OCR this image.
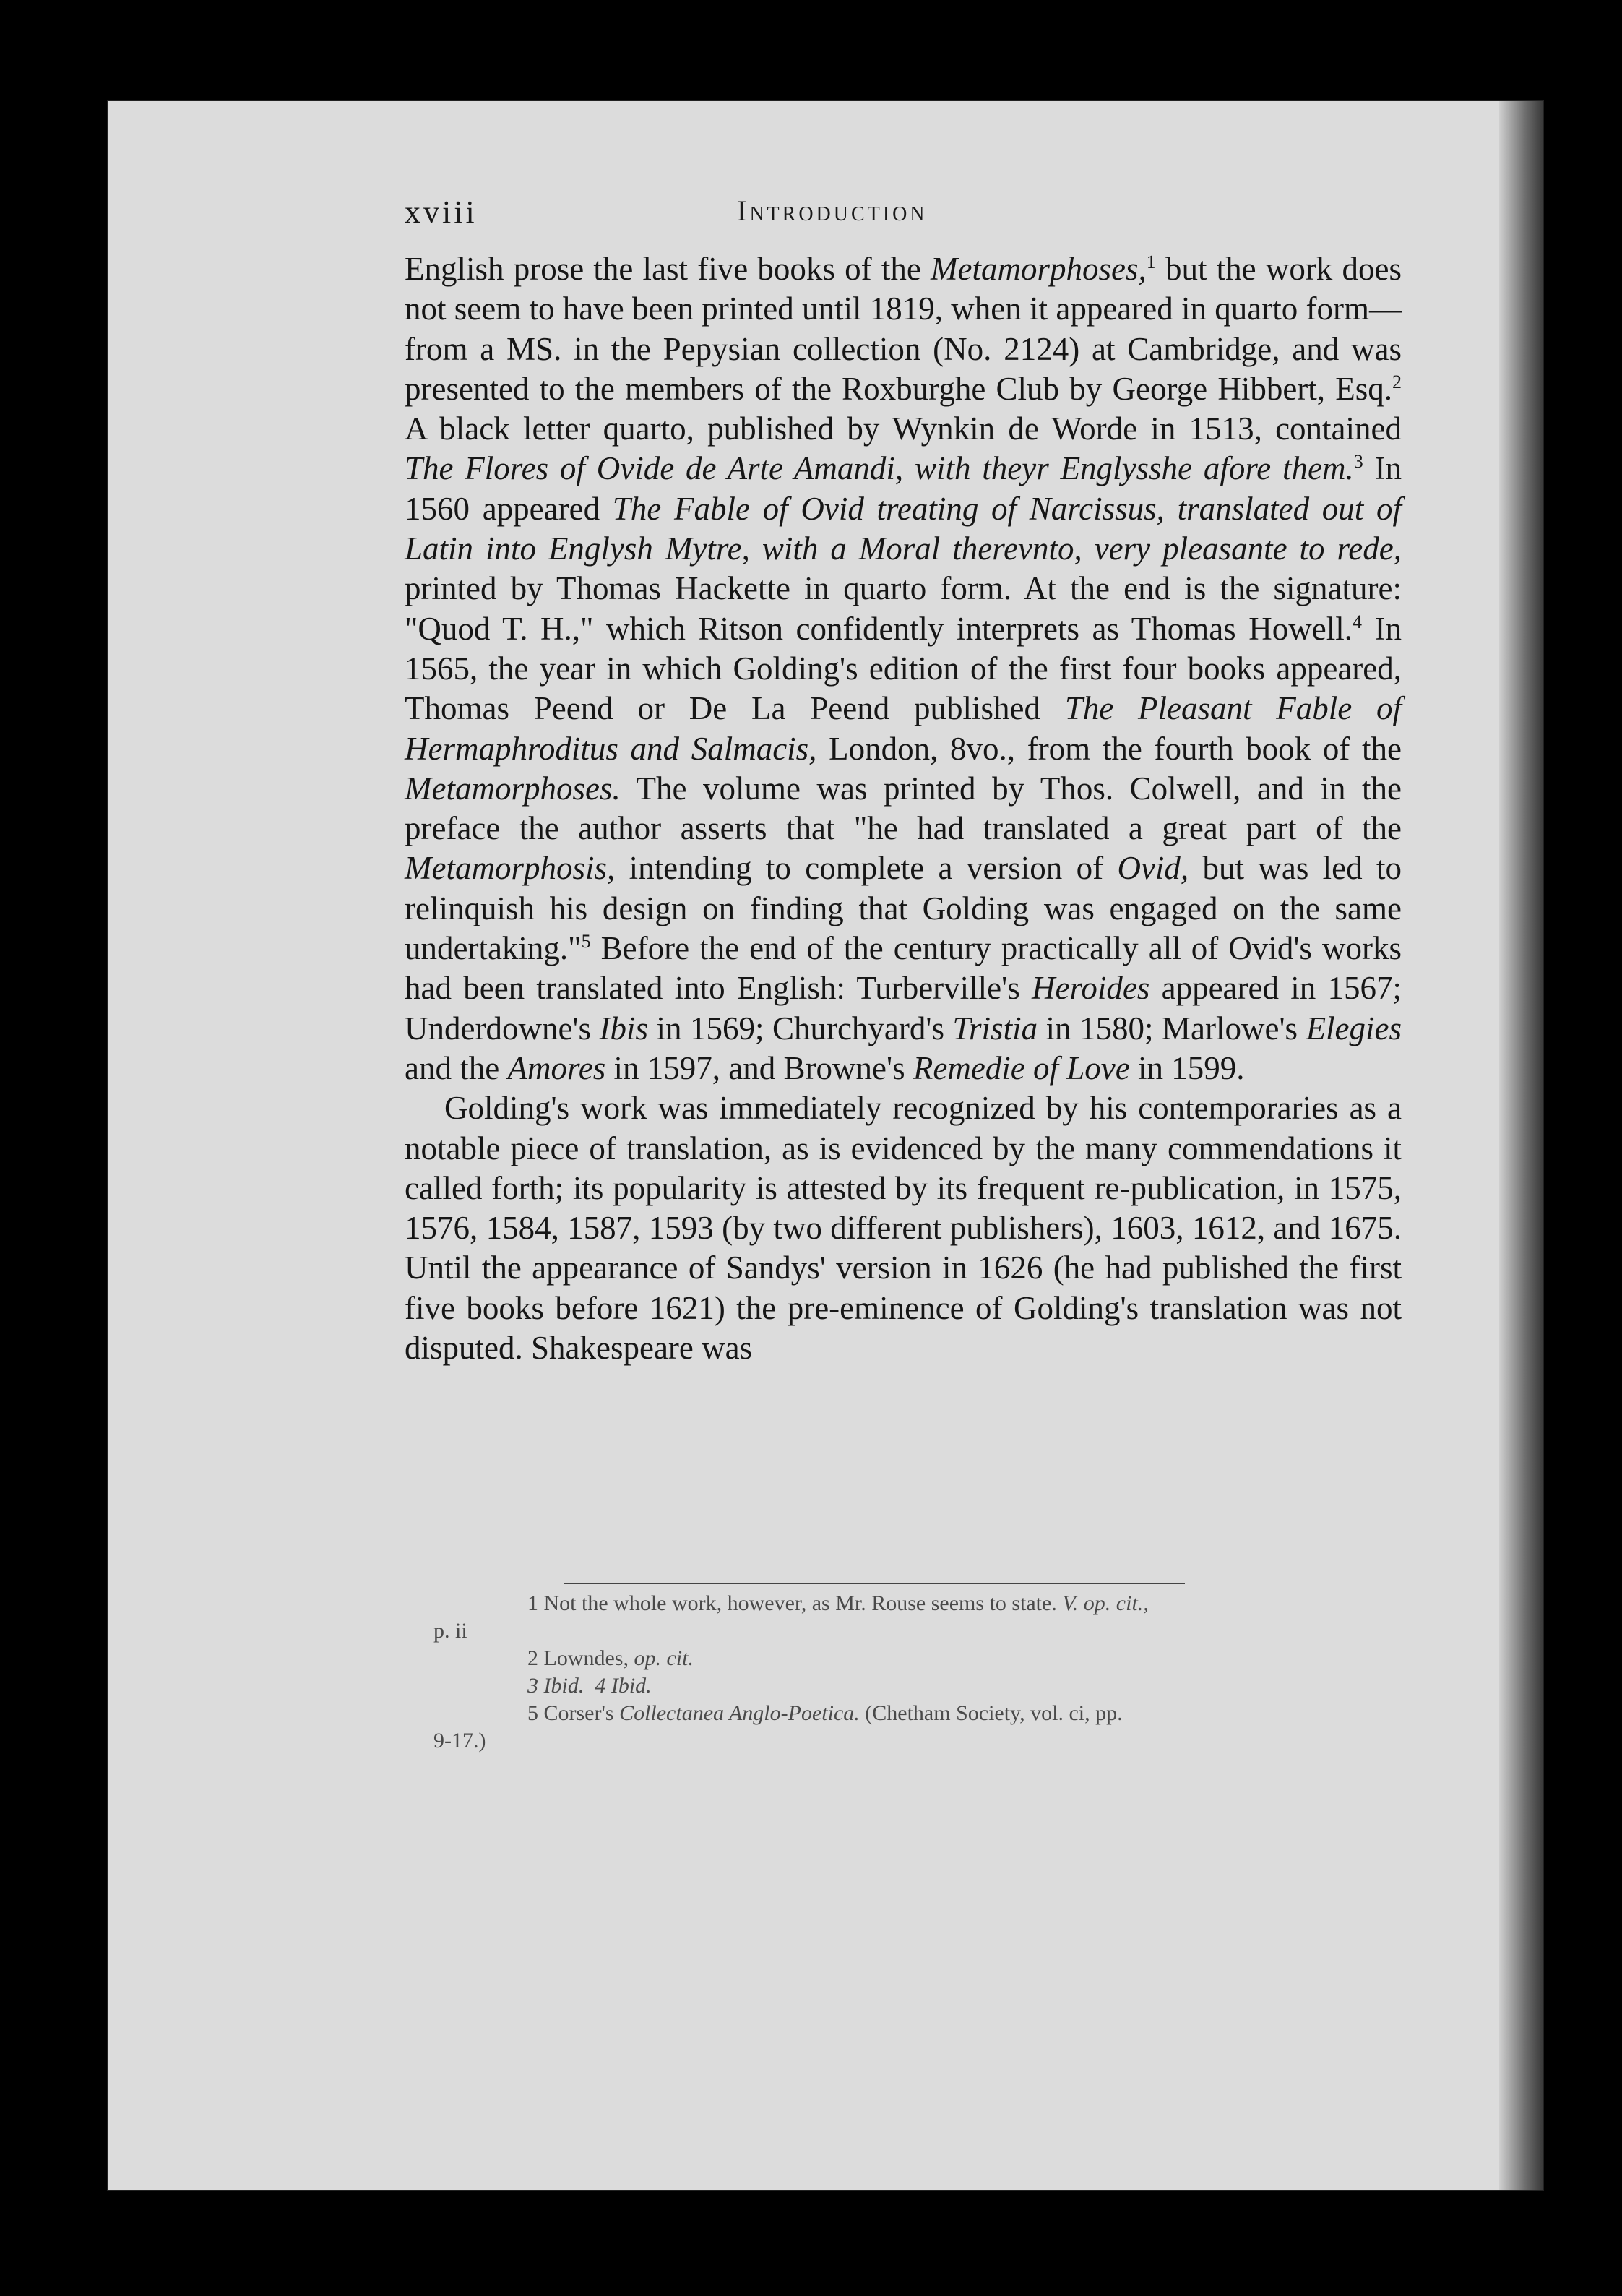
xviii	Introduction

English prose the last five books of the Metamorphoses,$^1$ but the work does not seem to have been printed until 1819, when it appeared in quarto form—from a MS. in the Pepysian collection (No. 2124) at Cambridge, and was presented to the members of the Roxburghe Club by George Hibbert, Esq.$^2$ A black letter quarto, published by Wynkin de Worde in 1513, contained The Flores of Ovide de Arte Amandi, with theyr Englysshe afore them.$^3$ In 1560 appeared The Fable of Ovid treating of Narcissus, translated out of Latin into Englysh Mytre, with a Moral therevnto, very pleasante to rede, printed by Thomas Hackette in quarto form. At the end is the signature: "Quod T. H.," which Ritson confidently interprets as Thomas Howell.$^4$ In 1565, the year in which Golding's edition of the first four books appeared, Thomas Peend or De La Peend published The Pleasant Fable of Hermaphroditus and Salmacis, London, 8vo., from the fourth book of the Metamorphoses. The volume was printed by Thos. Colwell, and in the preface the author asserts that "he had translated a great part of the Metamorphosis, intending to complete a version of Ovid, but was led to relinquish his design on finding that Golding was engaged on the same undertaking."$^5$ Before the end of the century practically all of Ovid's works had been translated into English: Turberville's Heroides appeared in 1567; Underdowne's Ibis in 1569; Churchyard's Tristia in 1580; Marlowe's Elegies and the Amores in 1597, and Browne's Remedie of Love in 1599.

Golding's work was immediately recognized by his contemporaries as a notable piece of translation, as is evidenced by the many commendations it called forth; its popularity is attested by its frequent re-publication, in 1575, 1576, 1584, 1587, 1593 (by two different publishers), 1603, 1612, and 1675. Until the appearance of Sandys' version in 1626 (he had published the first five books before 1621) the pre-eminence of Golding's translation was not disputed. Shakespeare was

1 Not the whole work, however, as Mr. Rouse seems to state. V. op. cit.,

p. ii

2 Lowndes, op. cit.

3 Ibid. 4 Ibid.

5 Corser's Collectanea Anglo-Poetica. (Chetham Society, vol. ci, pp.

9-17.)
